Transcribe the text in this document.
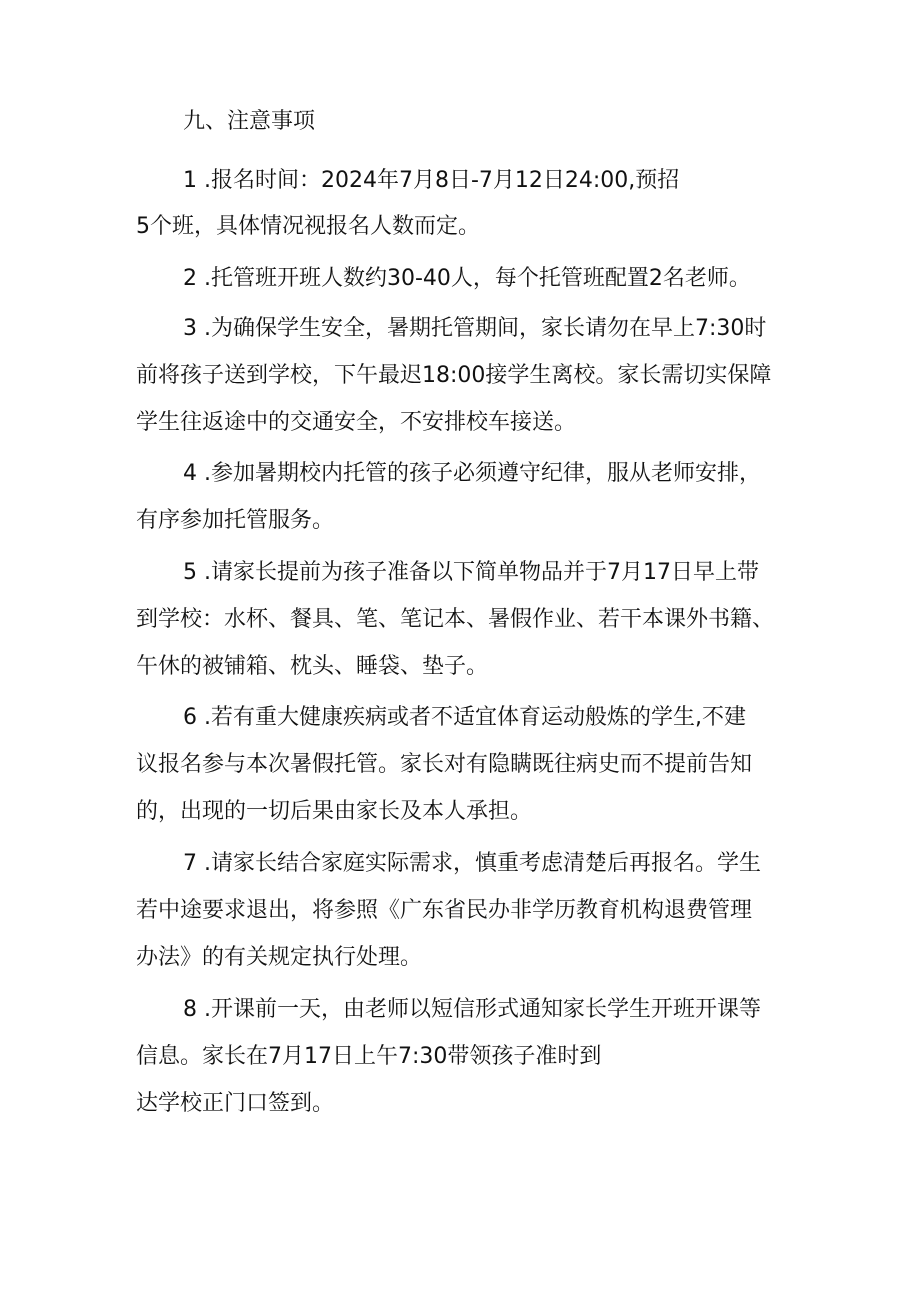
九、注意事项
1 .报名时间：2024年7月8日-7月12日24:00,预招
5个班，具体情况视报名人数而定。
2 .托管班开班人数约30-40人，每个托管班配置2名老师。
3 .为确保学生安全，暑期托管期间，家长请勿在早上7:30时
前将孩子送到学校，下午最迟18:00接学生离校。家长需切实保障
学生往返途中的交通安全，不安排校车接送。
4 .参加暑期校内托管的孩子必须遵守纪律，服从老师安排，
有序参加托管服务。
5 .请家长提前为孩子准备以下简单物品并于7月17日早上带
到学校：水杯、餐具、笔、笔记本、暑假作业、若干本课外书籍、
午休的被铺箱、枕头、睡袋、垫子。
6 .若有重大健康疾病或者不适宜体育运动般炼的学生,不建
议报名参与本次暑假托管。家长对有隐瞒既往病史而不提前告知
的，出现的一切后果由家长及本人承担。
7 .请家长结合家庭实际需求，慎重考虑清楚后再报名。学生
若中途要求退出，将参照《广东省民办非学历教育机构退费管理
办法》的有关规定执行处理。
8 .开课前一天，由老师以短信形式通知家长学生开班开课等
信息。家长在7月17日上午7:30带领孩子准时到
达学校正门口签到。
